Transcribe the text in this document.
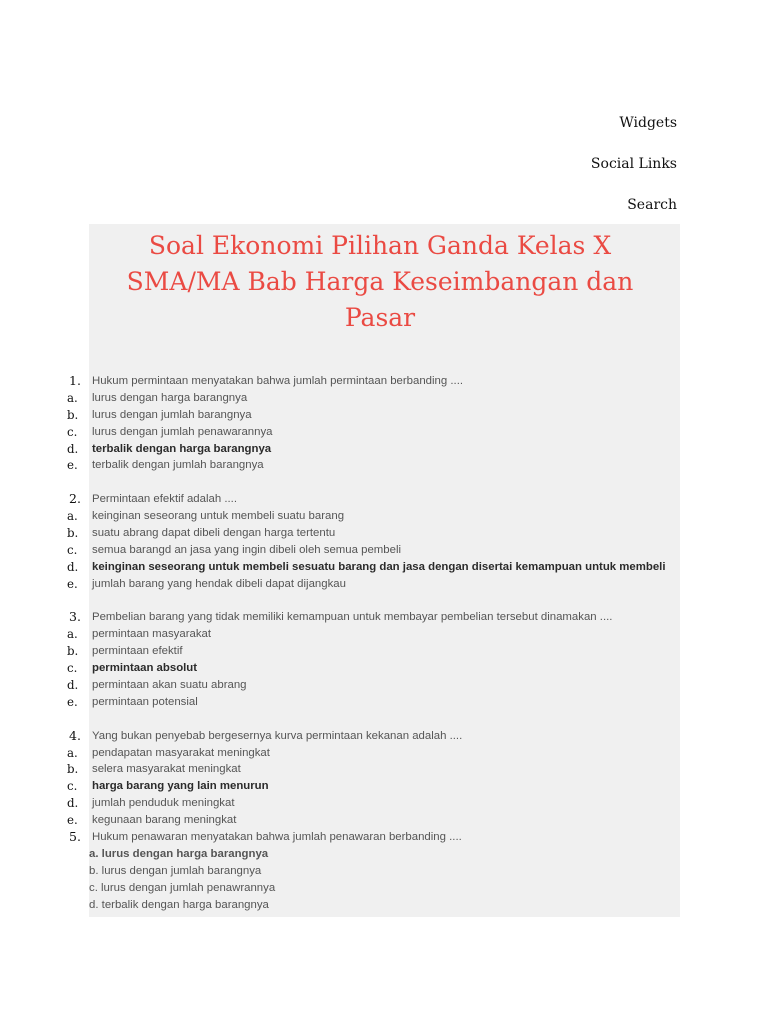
Widgets
Social Links
Search
Soal Ekonomi Pilihan Ganda Kelas X SMA/MA Bab Harga Keseimbangan dan Pasar
1. Hukum permintaan menyatakan bahwa jumlah permintaan berbanding ....
a.	lurus dengan harga barangnya
b.	lurus dengan jumlah barangnya
c.	lurus dengan jumlah penawarannya
d.	terbalik dengan harga barangnya
e.	terbalik dengan jumlah barangnya
2. Permintaan efektif adalah ....
a.	keinginan seseorang untuk membeli suatu barang
b.	suatu abrang dapat dibeli dengan harga tertentu
c.	semua barangd an jasa yang ingin dibeli oleh semua pembeli
d.	keinginan seseorang untuk membeli sesuatu barang dan jasa dengan disertai kemampuan untuk membeli
e.	jumlah barang yang hendak dibeli dapat dijangkau
3. Pembelian barang yang tidak memiliki kemampuan untuk membayar pembelian tersebut dinamakan ....
a.	permintaan masyarakat
b.	permintaan efektif
c.	permintaan absolut
d.	permintaan akan suatu abrang
e.	permintaan potensial
4. Yang bukan penyebab bergesernya kurva permintaan kekanan adalah ....
a.	pendapatan masyarakat meningkat
b.	selera masyarakat meningkat
c.	harga barang yang lain menurun
d.	jumlah penduduk meningkat
e.	kegunaan barang meningkat
5. Hukum penawaran menyatakan bahwa jumlah penawaran berbanding ....
a. lurus dengan harga barangnya
b. lurus dengan jumlah barangnya
c. lurus dengan jumlah penawrannya
d. terbalik dengan harga barangnya
